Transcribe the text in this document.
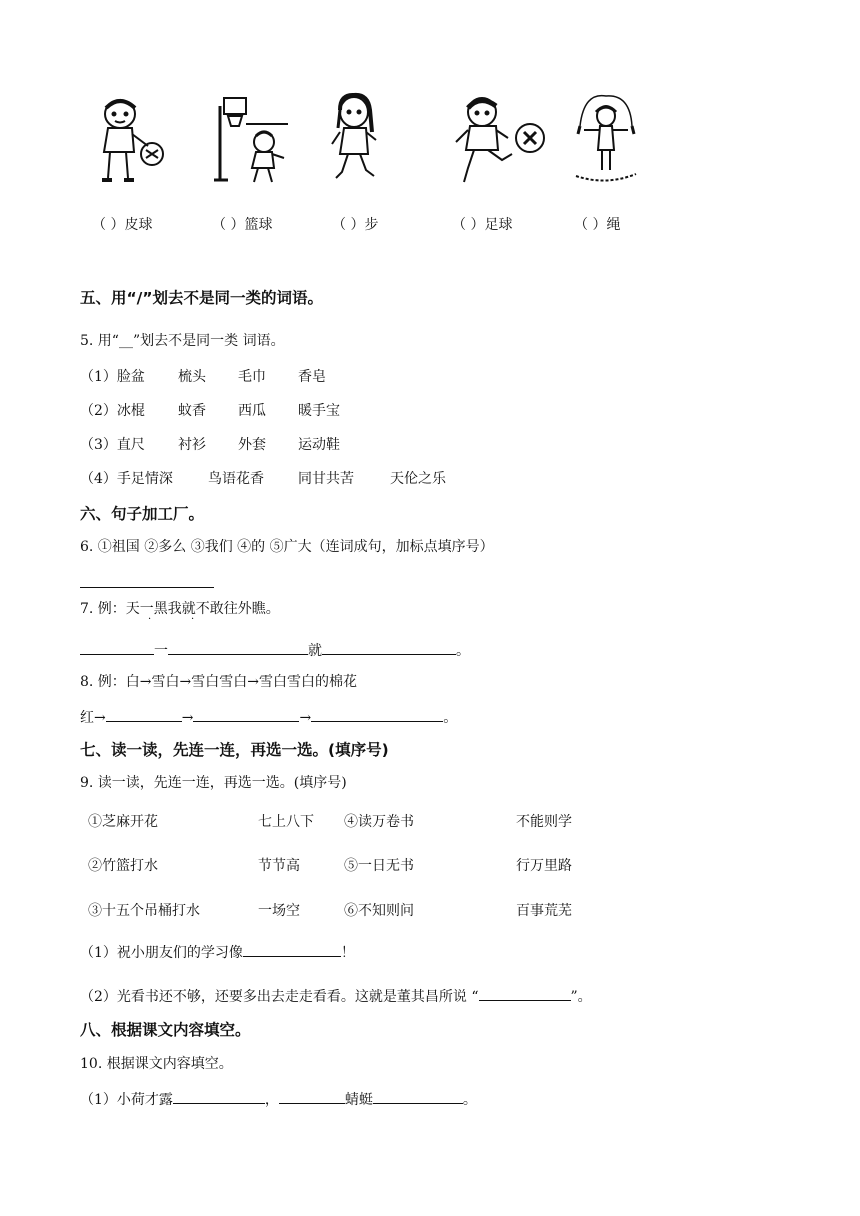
（ ）皮球	（ ）篮球	（ ）步	（ ）足球	（ ）绳
五、用“/”划去不是同一类的词语。
5. 用“__”划去不是同一类 词语。
（1）脸盆 梳头 毛巾 香皂
（2）冰棍 蚊香 西瓜 暖手宝
（3）直尺 衬衫 外套 运动鞋
（4）手足情深	鸟语花香 同甘共苦	天伦之乐
六、句子加工厂。
6. ①祖国 ②多么 ③我们 ④的 ⑤广大（连词成句，加标点填序号）
7. 例：天一黑我就不敢往外瞧。
·	·
一	就	。
8. 例：白→雪白→雪白雪白→雪白雪白的棉花
红→	→	→	。
七、读一读，先连一连，再选一选。(填序号)
9. 读一读，先连一连，再选一选。(填序号)
①芝麻开花	七上八下 ④读万卷书	不能则学
②竹篮打水	节节高	⑤一日无书	行万里路
③十五个吊桶打水	一场空	⑥不知则问	百事荒芜
（1）祝小朋友们的学习像	！
（2）光看书还不够，还要多出去走走看看。这就是董其昌所说 “	”。
八、根据课文内容填空。
10. 根据课文内容填空。
（1）小荷才露	，	蜻蜓	。
